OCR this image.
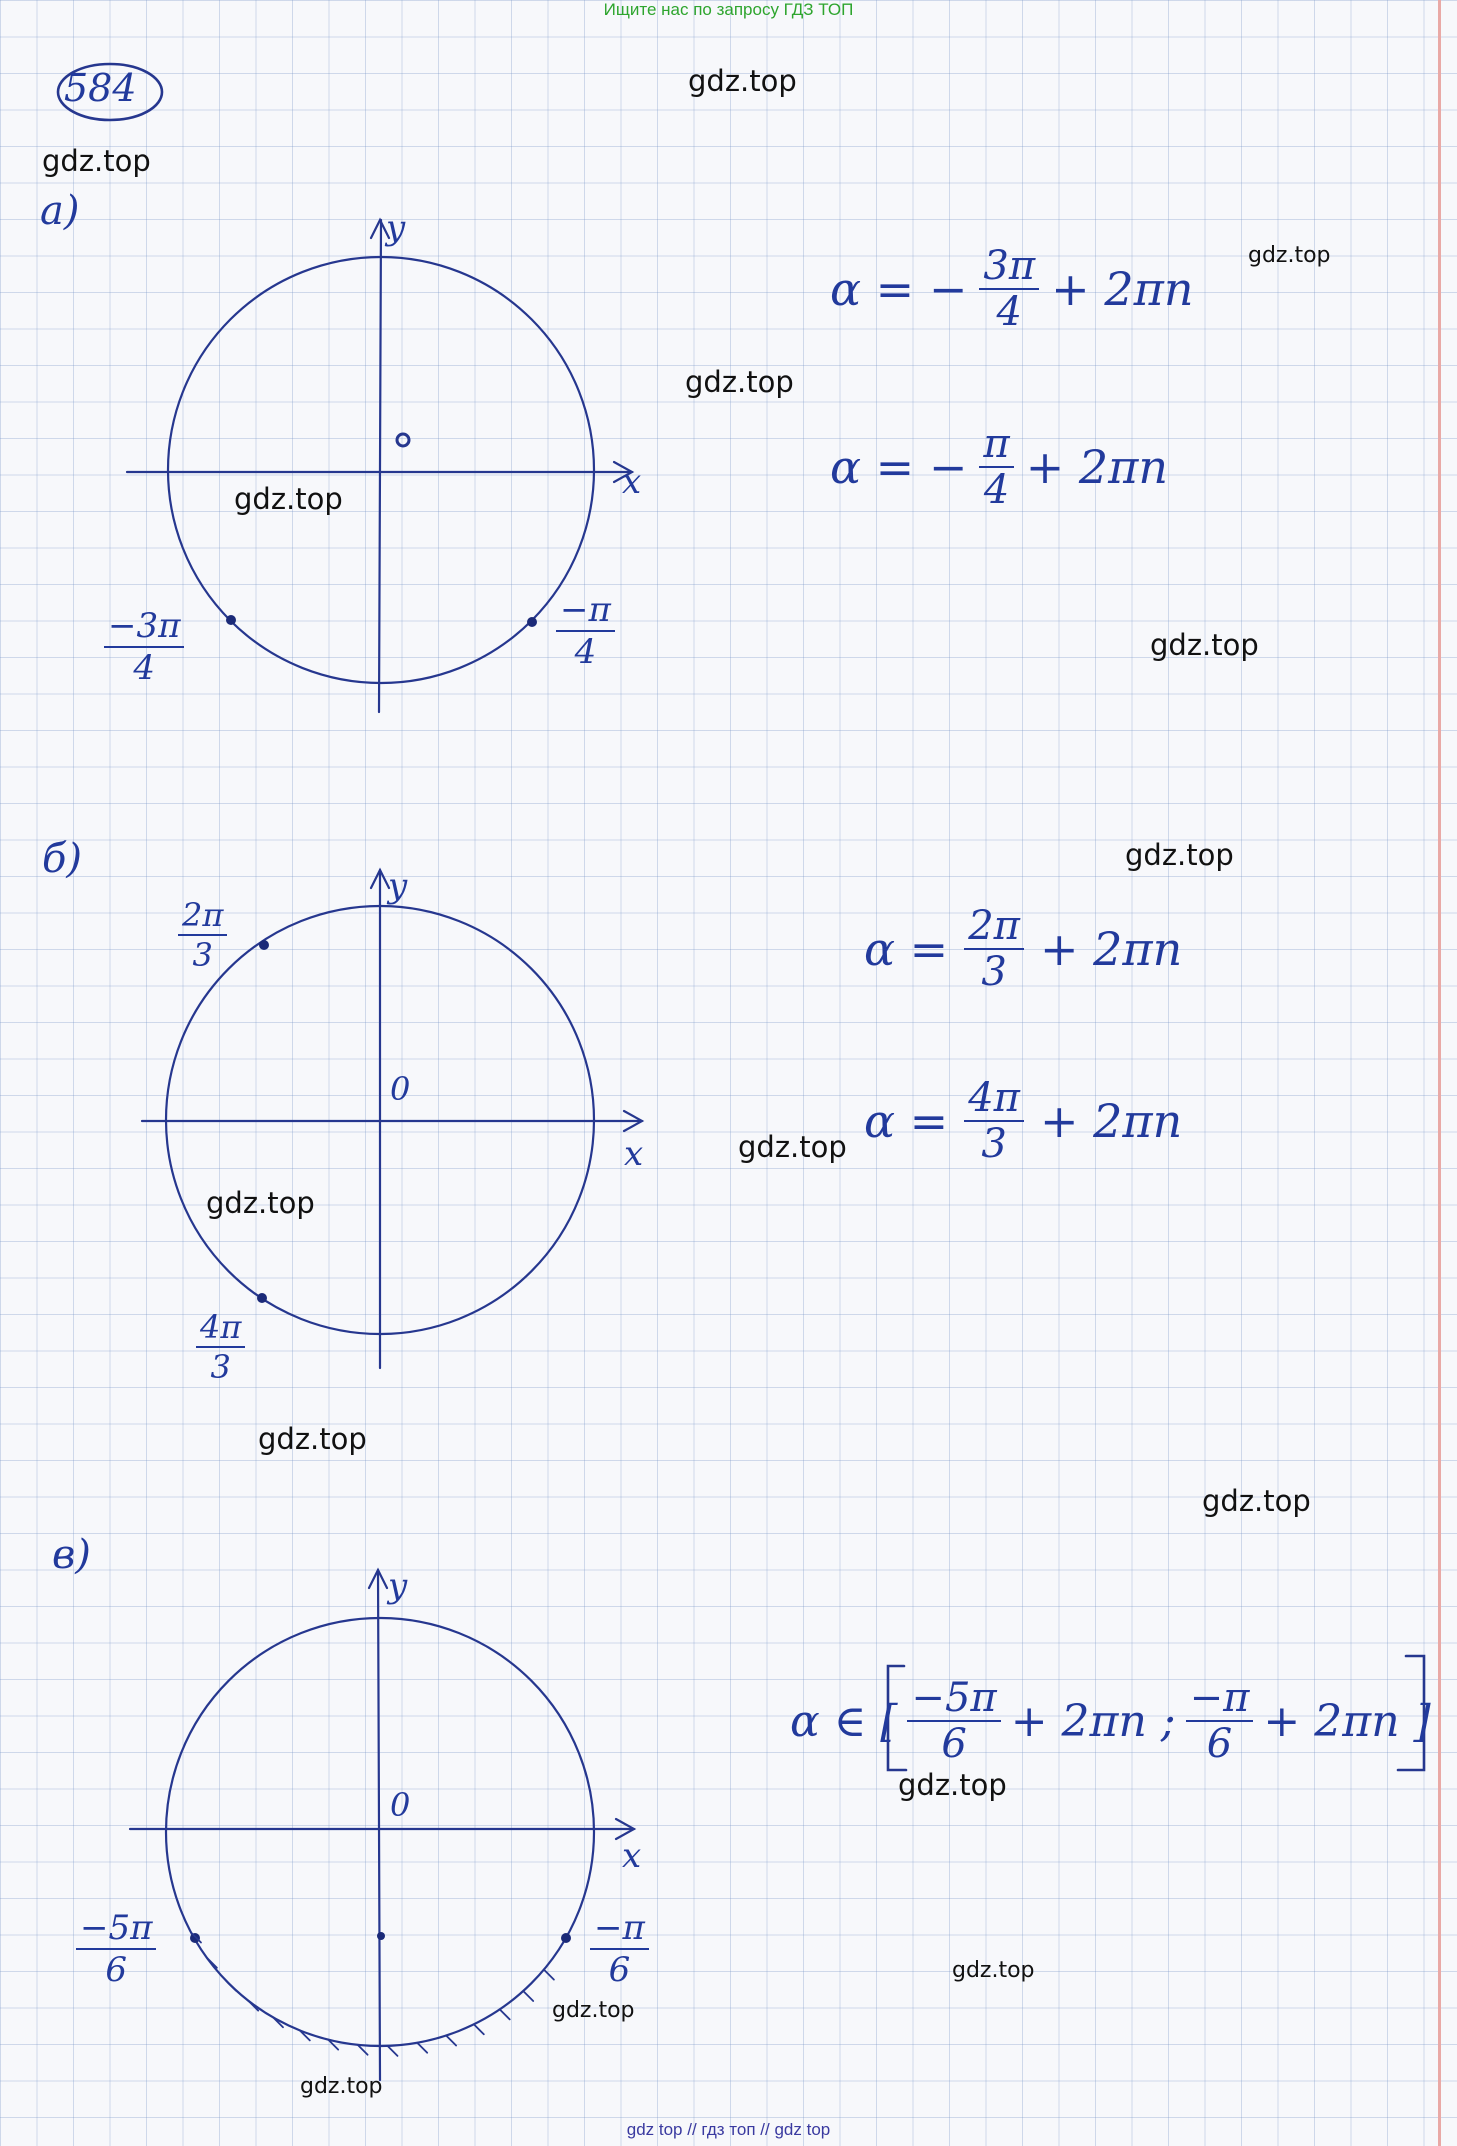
Ищите нас по запросу ГДЗ ТОП
gdz.top
gdz.top
gdz.top
gdz.top
gdz.top
gdz.top
gdz.top
gdz.top
gdz.top
gdz.top
gdz.top
gdz.top
gdz.top
gdz.top
gdz.top
584
а)
x
y
$\frac{-3\pi}{4}$	$\frac{-\pi}{4}$
α = − $\frac{3\pi}{4} + 2\pi n$
α = − $\frac{\pi}{4} + 2\pi n$
б)
x
y
0
$\frac{2\pi}{3}$
$\frac{4\pi}{3}$
$\alpha = \frac{2\pi}{3} + 2\pi n$
$\alpha = \frac{4\pi}{3} + 2\pi n$
в)
x
y
0
$\frac{-5\pi}{6}$	$\frac{-\pi}{6}$
α ∈ [ $\frac{-5\pi}{6} + 2\pi n$ ; $\frac{-\pi}{6} + 2\pi n$ ]
gdz top // гдз топ // gdz top
